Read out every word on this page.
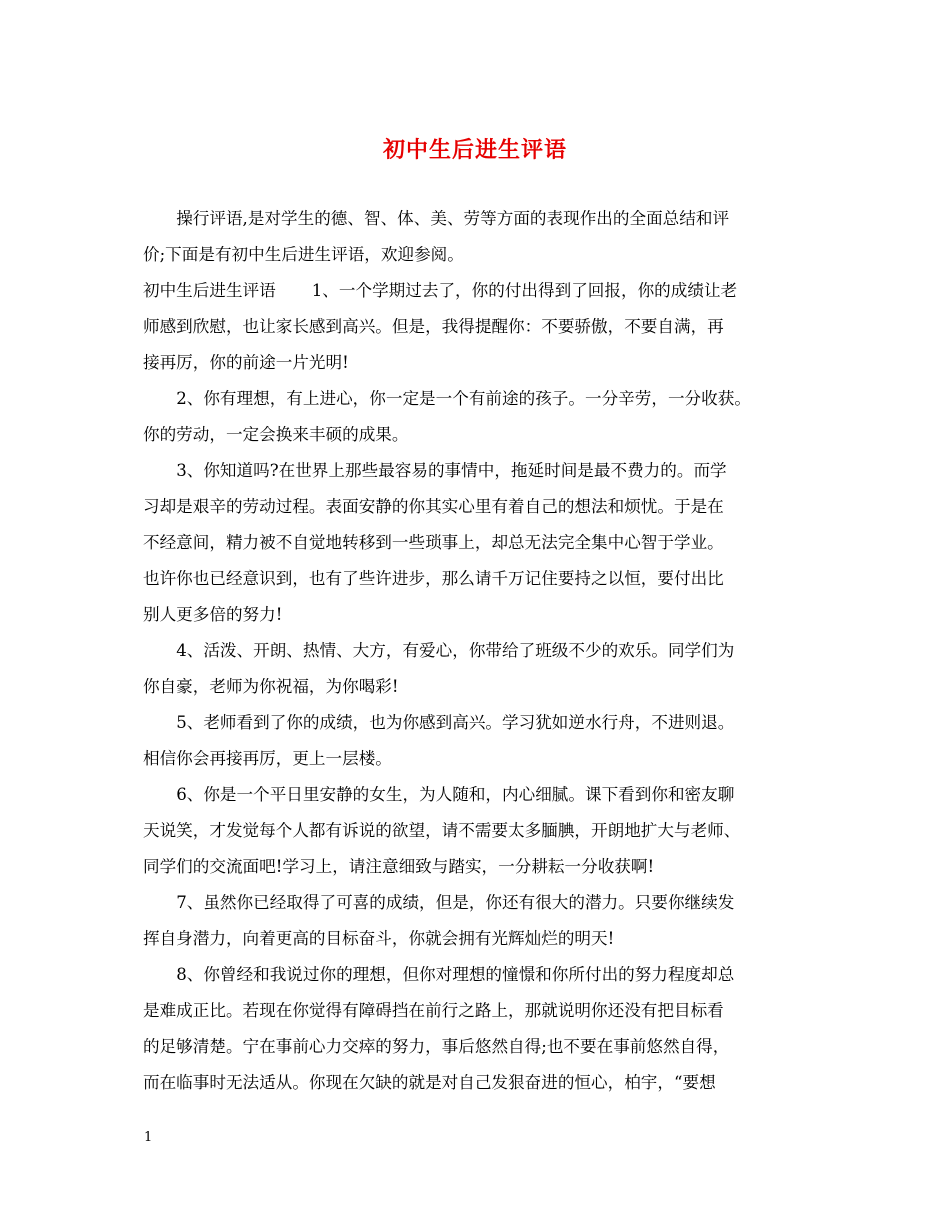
初中生后进生评语

操行评语,是对学生的德、智、体、美、劳等方面的表现作出的全面总结和评
价;下面是有初中生后进生评语，欢迎参阅。

初中生后进生评语 1、一个学期过去了，你的付出得到了回报，你的成绩让老
师感到欣慰，也让家长感到高兴。但是，我得提醒你：不要骄傲，不要自满，再
接再厉，你的前途一片光明!

2、你有理想，有上进心，你一定是一个有前途的孩子。一分辛劳，一分收获。
你的劳动，一定会换来丰硕的成果。

3、你知道吗?在世界上那些最容易的事情中，拖延时间是最不费力的。而学
习却是艰辛的劳动过程。表面安静的你其实心里有着自己的想法和烦忧。于是在
不经意间，精力被不自觉地转移到一些琐事上，却总无法完全集中心智于学业。
也许你也已经意识到，也有了些许进步，那么请千万记住要持之以恒，要付出比
别人更多倍的努力!

4、活泼、开朗、热情、大方，有爱心，你带给了班级不少的欢乐。同学们为
你自豪，老师为你祝福，为你喝彩!

5、老师看到了你的成绩，也为你感到高兴。学习犹如逆水行舟，不进则退。
相信你会再接再厉，更上一层楼。

6、你是一个平日里安静的女生，为人随和，内心细腻。课下看到你和密友聊
天说笑，才发觉每个人都有诉说的欲望，请不需要太多腼腆，开朗地扩大与老师、
同学们的交流面吧!学习上，请注意细致与踏实，一分耕耘一分收获啊!

7、虽然你已经取得了可喜的成绩，但是，你还有很大的潜力。只要你继续发
挥自身潜力，向着更高的目标奋斗，你就会拥有光辉灿烂的明天!

8、你曾经和我说过你的理想，但你对理想的憧憬和你所付出的努力程度却总
是难成正比。若现在你觉得有障碍挡在前行之路上，那就说明你还没有把目标看
的足够清楚。宁在事前心力交瘁的努力，事后悠然自得;也不要在事前悠然自得，
而在临事时无法适从。你现在欠缺的就是对自己发狠奋进的恒心，柏宇，“要想

1
